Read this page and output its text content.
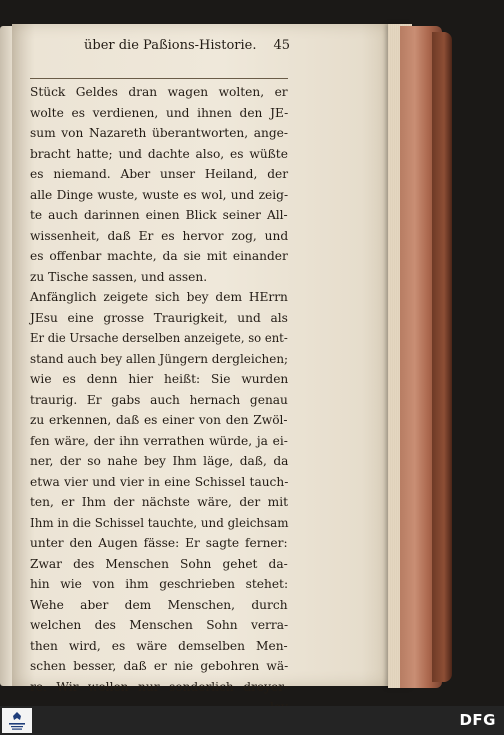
über die Paßions-Historie. 45
Stück Geldes dran wagen wolten, er
wolte es verdienen, und ihnen den JE-
sum von Nazareth überantworten, ange-
bracht hatte; und dachte also, es wüßte
es niemand. Aber unser Heiland, der
alle Dinge wuste, wuste es wol, und zeig-
te auch darinnen einen Blick seiner All-
wissenheit, daß Er es hervor zog, und
es offenbar machte, da sie mit einander
zu Tische sassen, und assen.
Anfänglich zeigete sich bey dem HErrn
JEsu eine grosse Traurigkeit, und als
Er die Ursache derselben anzeigete, so ent-
stand auch bey allen Jüngern dergleichen;
wie es denn hier heißt: Sie wurden
traurig. Er gabs auch hernach genau
zu erkennen, daß es einer von den Zwöl-
fen wäre, der ihn verrathen würde, ja ei-
ner, der so nahe bey Ihm läge, daß, da
etwa vier und vier in eine Schissel tauch-
ten, er Ihm der nächste wäre, der mit
Ihm in die Schissel tauchte, und gleichsam
unter den Augen fässe: Er sagte ferner:
Zwar des Menschen Sohn gehet da-
hin wie von ihm geschrieben stehet:
Wehe aber dem Menschen, durch
welchen des Menschen Sohn verra-
then wird, es wäre demselben Men-
schen besser, daß er nie gebohren wä-
re. Wir wollen nur sonderlich dreyer-
DFG
